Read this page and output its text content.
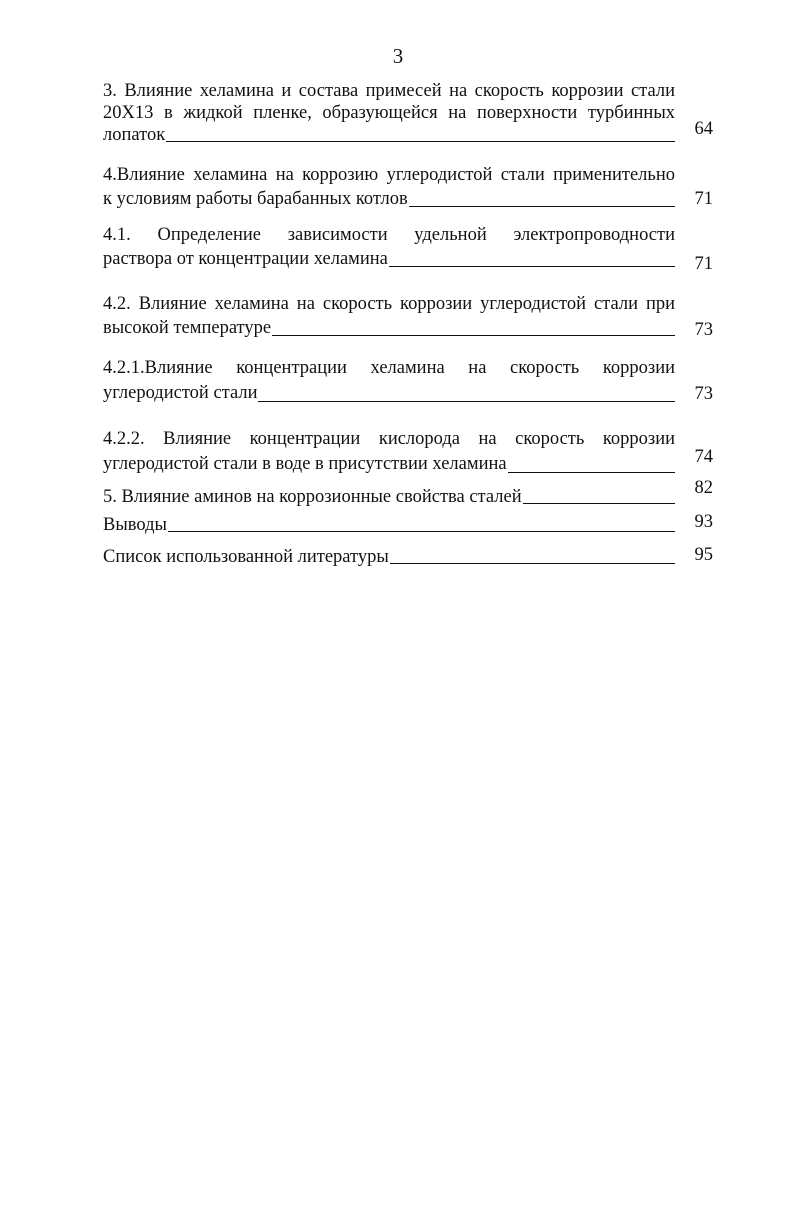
3
3. Влияние хеламина и состава примесей на скорость коррозии стали
20Х13 в жидкой пленке, образующейся на поверхности турбинных
лопаток	64
4.Влияние хеламина на коррозию углеродистой стали применительно
к условиям работы барабанных котлов	71
4.1. Определение зависимости удельной электропроводности
раствора от концентрации хеламина	71
4.2. Влияние хеламина на скорость коррозии углеродистой стали при
высокой температуре	73
4.2.1.Влияние концентрации хеламина на скорость коррозии
углеродистой стали	73
4.2.2. Влияние концентрации кислорода на скорость коррозии
углеродистой стали в воде в присутствии хеламина	74
5. Влияние аминов на коррозионные свойства сталей	82
Выводы	93
Список использованной литературы	95
